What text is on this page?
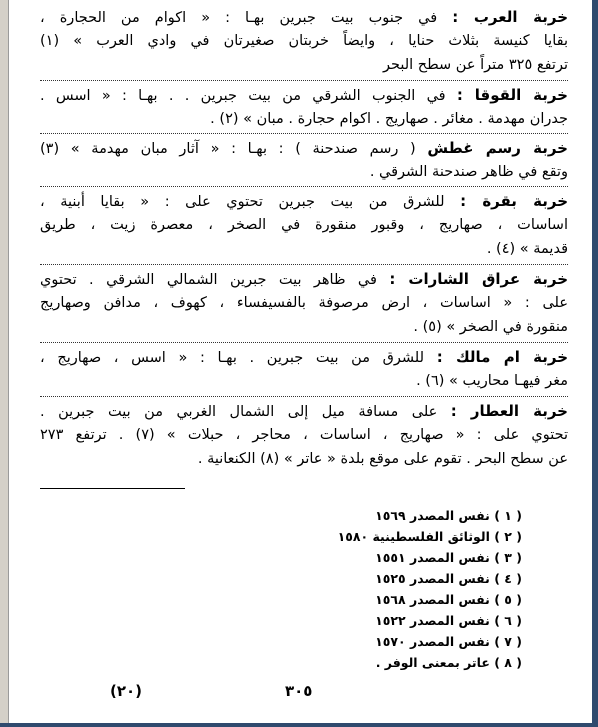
خربة العرب : في جنوب بيت جبرين بهـا : « اكوام من الحجارة ،
بقايا كنيسة بثلاث حنايا ، وايضاً خربتان صغيرتان في وادي العرب » (١)
ترتفع ٣٢٥ متراً عن سطح البحر
خربة القوقا : في الجنوب الشرقي من بيت جبرين . . بهـا : « اسس .
جدران مهدمة . مغائر . صهاريج . اكوام حجارة . مبان » (٢) .
خربة رسم غطش ( رسم صندحنة ) : بهـا : « آثار مبان مهدمة » (٣)
وتقع في ظاهر صندحنة الشرقي .
خربة بقرة : للشرق من بيت جبرين تحتوي على : « بقايا أبنية ،
اساسات ، صهاريج ، وقبور منقورة في الصخر ، معصرة زيت ، طريق
قديمة » (٤) .
خربة عراق الشارات : في ظاهر بيت جبرين الشمالي الشرقي . تحتوي
على : « اساسات ، ارض مرصوفة بالفسيفساء ، كهوف ، مدافن وصهاريج
منقورة في الصخر » (٥) .
خربة ام مالك : للشرق من بيت جبرين . بهـا : « اسس ، صهاريج ،
مغر فيهـا محاريب » (٦) .
خربة العطار : على مسافة ميل إلى الشمال الغربي من بيت جبرين .
تحتوي على : « صهاريج ، اساسات ، محاجر ، حبلات » (٧) . ترتفع ٢٧٣
عن سطح البحر . تقوم على موقع بلدة « عاتر » (٨) الكنعانية .
( ١ ) نفس المصدر ١٥٦٩
( ٢ ) الوثائق الفلسطينية ١٥٨٠
( ٣ ) نفس المصدر ١٥٥١
( ٤ ) نفس المصدر ١٥٢٥
( ٥ ) نفس المصدر ١٥٦٨
( ٦ ) نفس المصدر ١٥٢٢
( ٧ ) نفس المصدر ١٥٧٠
( ٨ ) عاتر بمعنى الوفر .
٣٠٥
(٢٠)
